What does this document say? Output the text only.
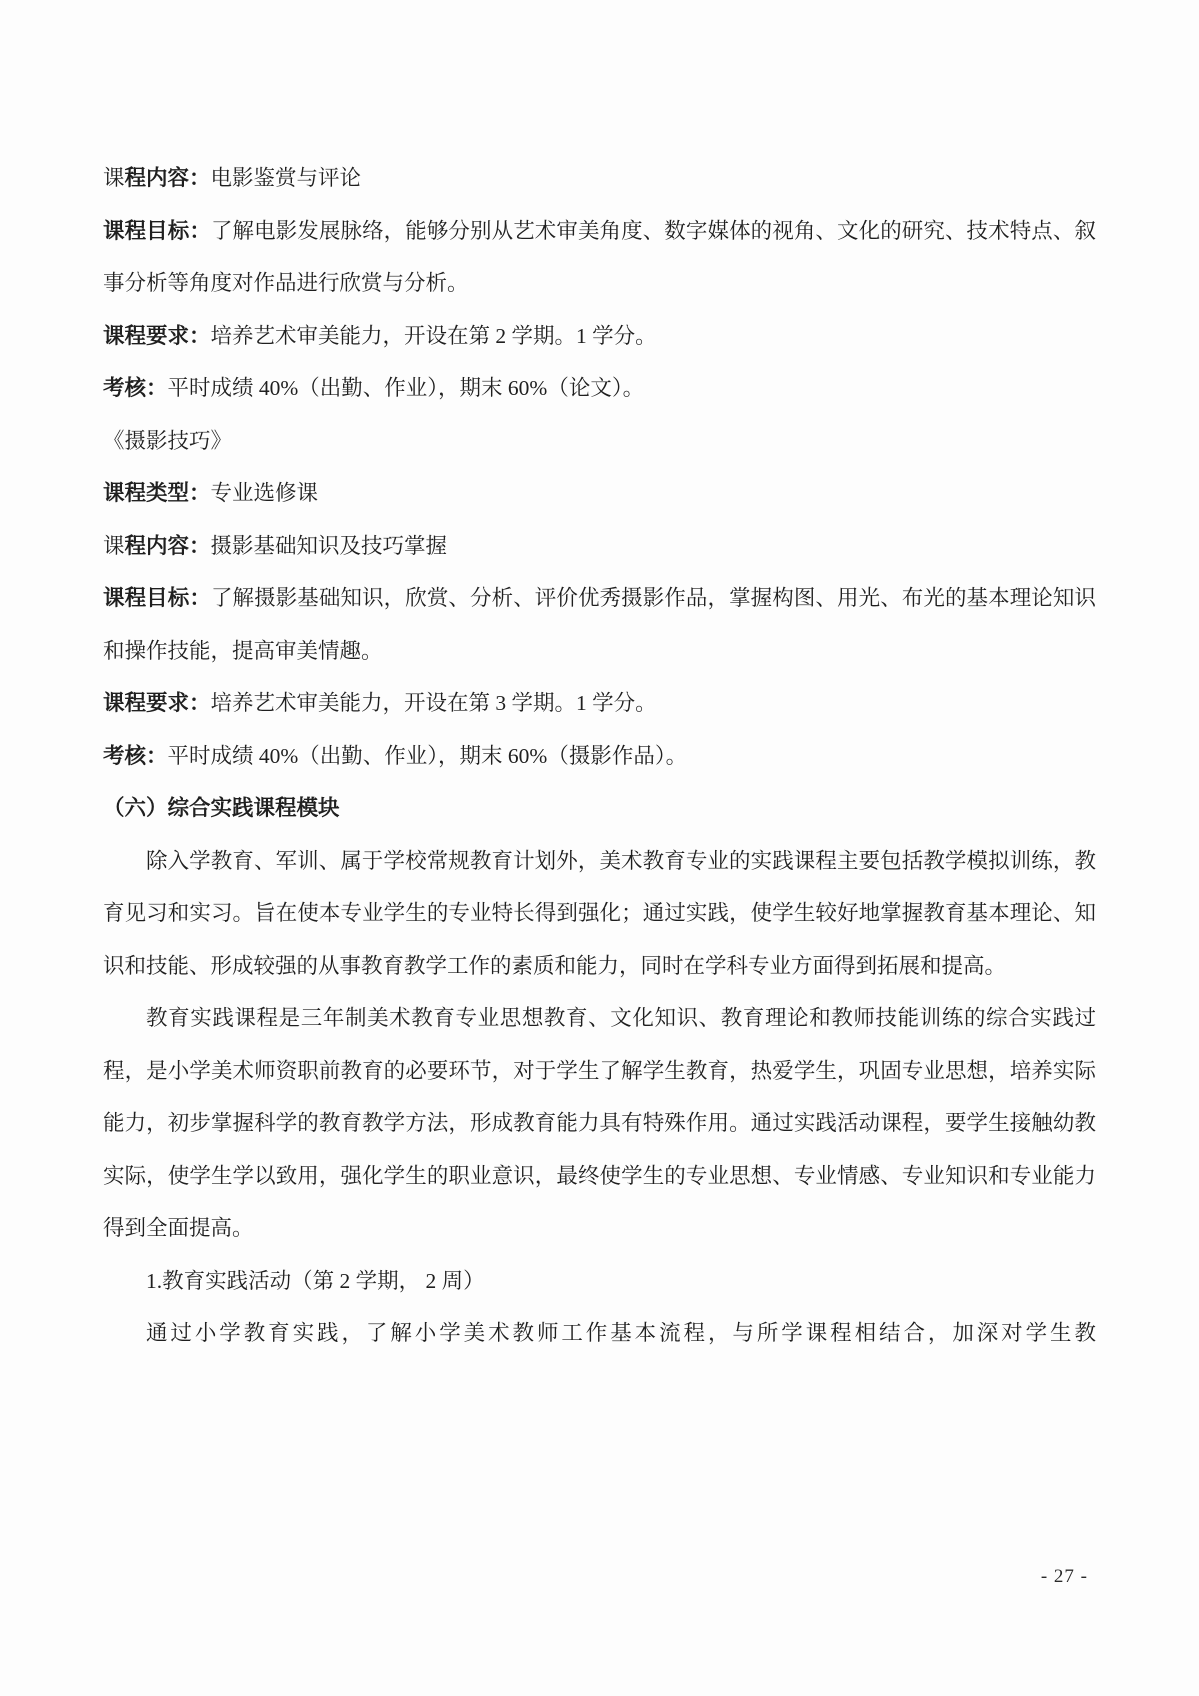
课程内容：电影鉴赏与评论

课程目标：了解电影发展脉络，能够分别从艺术审美角度、数字媒体的视角、文化的研究、技术特点、叙事分析等角度对作品进行欣赏与分析。

课程要求：培养艺术审美能力，开设在第 2 学期。1 学分。

考核：平时成绩 40%（出勤、作业），期末 60%（论文）。

《摄影技巧》

课程类型：专业选修课

课程内容：摄影基础知识及技巧掌握

课程目标：了解摄影基础知识，欣赏、分析、评价优秀摄影作品，掌握构图、用光、布光的基本理论知识和操作技能，提高审美情趣。

课程要求：培养艺术审美能力，开设在第 3 学期。1 学分。

考核：平时成绩 40%（出勤、作业），期末 60%（摄影作品）。

（六）综合实践课程模块

除入学教育、军训、属于学校常规教育计划外，美术教育专业的实践课程主要包括教学模拟训练，教育见习和实习。旨在使本专业学生的专业特长得到强化；通过实践，使学生较好地掌握教育基本理论、知识和技能、形成较强的从事教育教学工作的素质和能力，同时在学科专业方面得到拓展和提高。

教育实践课程是三年制美术教育专业思想教育、文化知识、教育理论和教师技能训练的综合实践过程，是小学美术师资职前教育的必要环节，对于学生了解学生教育，热爱学生，巩固专业思想，培养实际能力，初步掌握科学的教育教学方法，形成教育能力具有特殊作用。通过实践活动课程，要学生接触幼教实际，使学生学以致用，强化学生的职业意识，最终使学生的专业思想、专业情感、专业知识和专业能力得到全面提高。

1.教育实践活动（第 2 学期， 2 周）

通过小学教育实践，了解小学美术教师工作基本流程，与所学课程相结合，加深对学生教

- 27 -
